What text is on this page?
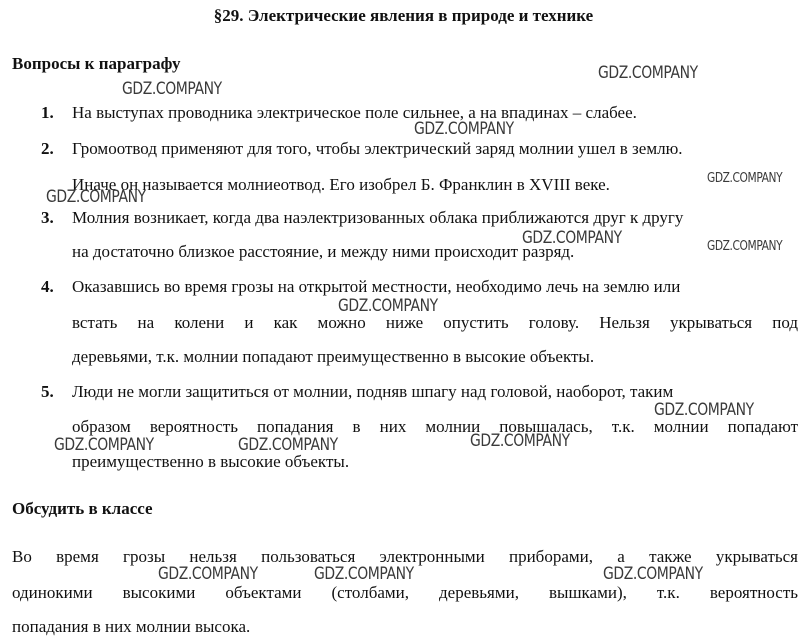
§29. Электрические явления в природе и технике
Вопросы к параграфу
1.	На выступах проводника электрическое поле сильнее, а на впадинах – слабее.
2.	Громоотвод применяют для того, чтобы электрический заряд молнии ушел в землю.
Иначе он называется молниеотвод. Его изобрел Б. Франклин в XVIII веке.
3.	Молния возникает, когда два наэлектризованных облака приближаются друг к другу
на достаточно близкое расстояние, и между ними происходит разряд.
4.	Оказавшись во время грозы на открытой местности, необходимо лечь на землю или
встать на колени и как можно ниже опустить голову. Нельзя укрываться под
деревьями, т.к. молнии попадают преимущественно в высокие объекты.
5.	Люди не могли защититься от молнии, подняв шпагу над головой, наоборот, таким
образом вероятность попадания в них молнии повышалась, т.к. молнии попадают
преимущественно в высокие объекты.
Обсудить в классе
Во время грозы нельзя пользоваться электронными приборами, а также укрываться
одинокими высокими объектами (столбами, деревьями, вышками), т.к. вероятность
попадания в них молнии высока.
GDZ.COMPANY
GDZ.COMPANY
GDZ.COMPANY
GDZ.COMPANY
GDZ.COMPANY
GDZ.COMPANY	GDZ.COMPANY
GDZ.COMPANY
GDZ.COMPANY
GDZ.COMPANY	GDZ.COMPANY	GDZ.COMPANY
GDZ.COMPANY	GDZ.COMPANY	GDZ.COMPANY
